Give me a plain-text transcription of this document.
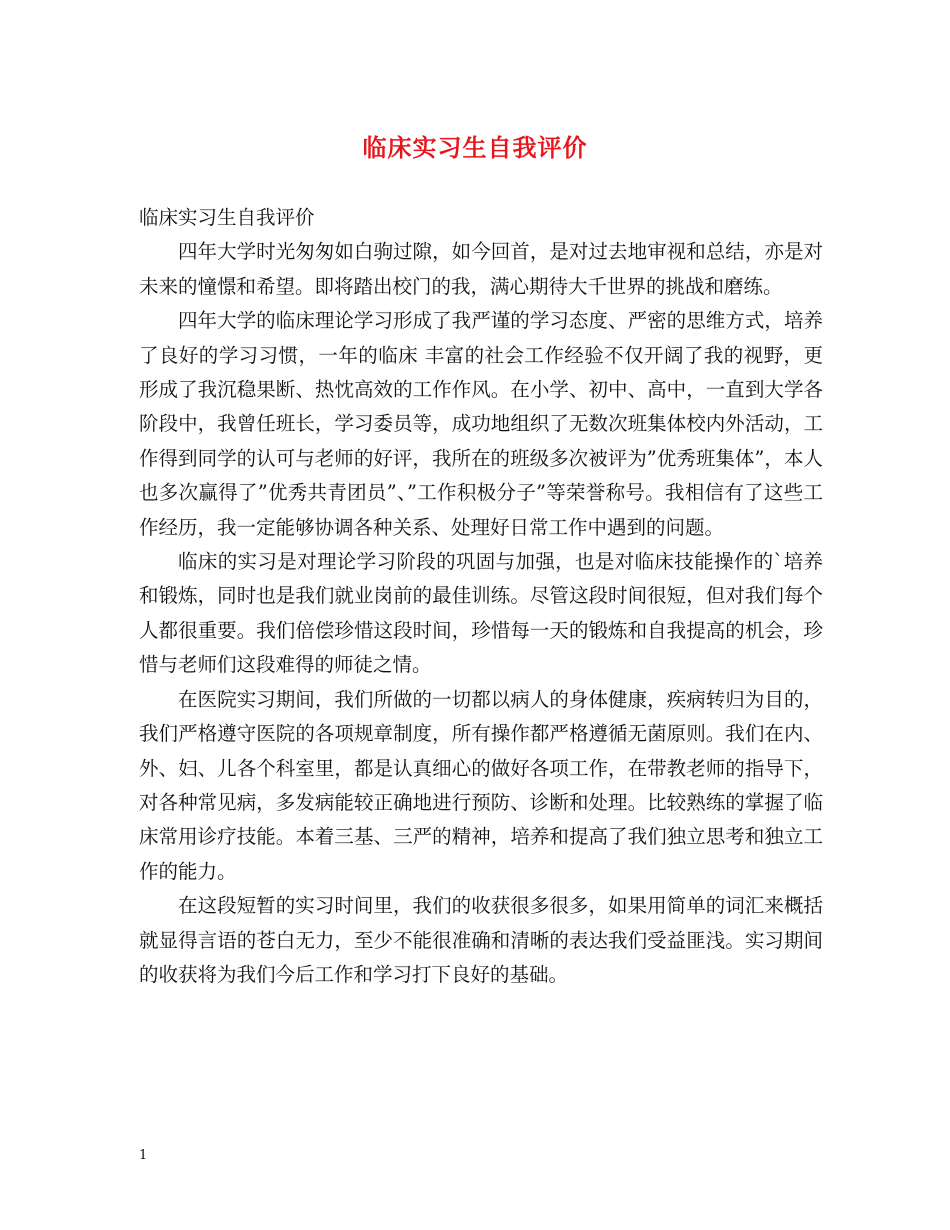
临床实习生自我评价

临床实习生自我评价

四年大学时光匆匆如白驹过隙，如今回首，是对过去地审视和总结，亦是对未来的憧憬和希望。即将踏出校门的我，满心期待大千世界的挑战和磨练。

四年大学的临床理论学习形成了我严谨的学习态度、严密的思维方式，培养了良好的学习习惯，一年的临床 丰富的社会工作经验不仅开阔了我的视野，更形成了我沉稳果断、热忱高效的工作作风。在小学、初中、高中，一直到大学各阶段中，我曾任班长，学习委员等，成功地组织了无数次班集体校内外活动，工作得到同学的认可与老师的好评，我所在的班级多次被评为”优秀班集体”，本人也多次赢得了”优秀共青团员”、”工作积极分子”等荣誉称号。我相信有了这些工作经历，我一定能够协调各种关系、处理好日常工作中遇到的问题。

临床的实习是对理论学习阶段的巩固与加强，也是对临床技能操作的`培养和锻炼，同时也是我们就业岗前的最佳训练。尽管这段时间很短，但对我们每个人都很重要。我们倍偿珍惜这段时间，珍惜每一天的锻炼和自我提高的机会，珍惜与老师们这段难得的师徒之情。

在医院实习期间，我们所做的一切都以病人的身体健康，疾病转归为目的，我们严格遵守医院的各项规章制度，所有操作都严格遵循无菌原则。我们在内、外、妇、儿各个科室里，都是认真细心的做好各项工作，在带教老师的指导下，对各种常见病，多发病能较正确地进行预防、诊断和处理。比较熟练的掌握了临床常用诊疗技能。本着三基、三严的精神，培养和提高了我们独立思考和独立工作的能力。

在这段短暂的实习时间里，我们的收获很多很多，如果用简单的词汇来概括就显得言语的苍白无力，至少不能很准确和清晰的表达我们受益匪浅。实习期间的收获将为我们今后工作和学习打下良好的基础。

1
